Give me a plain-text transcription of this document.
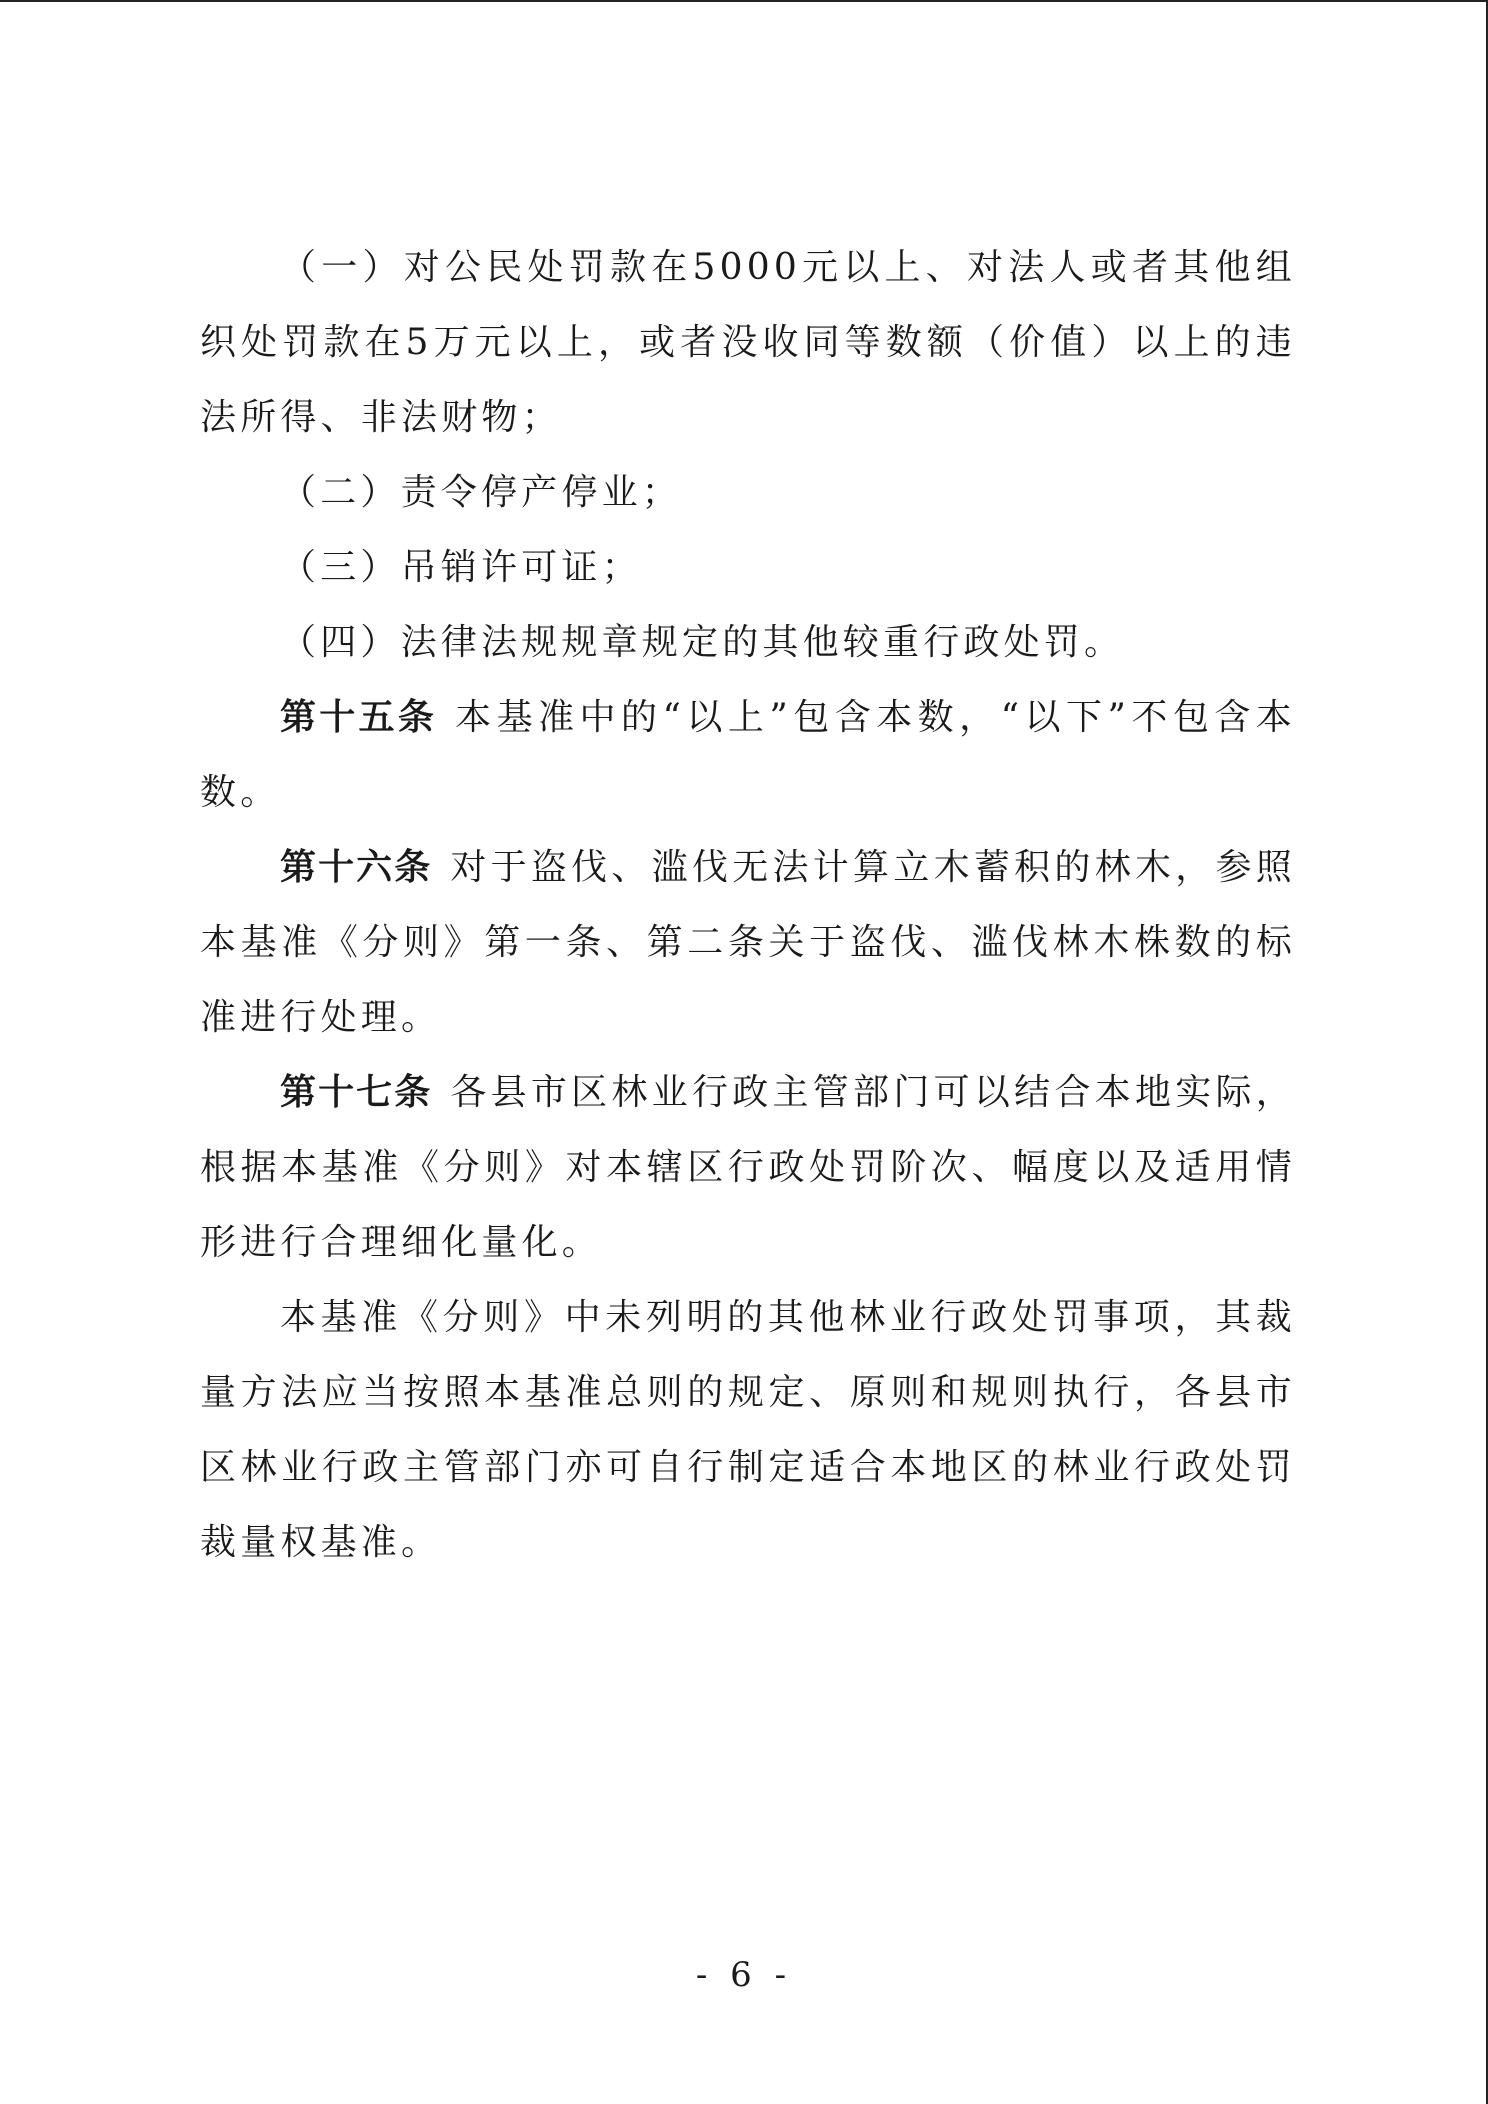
（一）对公民处罚款在5000元以上、对法人或者其他组织处罚款在5万元以上，或者没收同等数额（价值）以上的违法所得、非法财物；

（二）责令停产停业；

（三）吊销许可证；

（四）法律法规规章规定的其他较重行政处罚。

第十五条 本基准中的“以上”包含本数，“以下”不包含本数。

第十六条 对于盗伐、滥伐无法计算立木蓄积的林木，参照本基准《分则》第一条、第二条关于盗伐、滥伐林木株数的标准进行处理。

第十七条 各县市区林业行政主管部门可以结合本地实际，根据本基准《分则》对本辖区行政处罚阶次、幅度以及适用情形进行合理细化量化。

本基准《分则》中未列明的其他林业行政处罚事项，其裁量方法应当按照本基准总则的规定、原则和规则执行，各县市区林业行政主管部门亦可自行制定适合本地区的林业行政处罚裁量权基准。

- 6 -
